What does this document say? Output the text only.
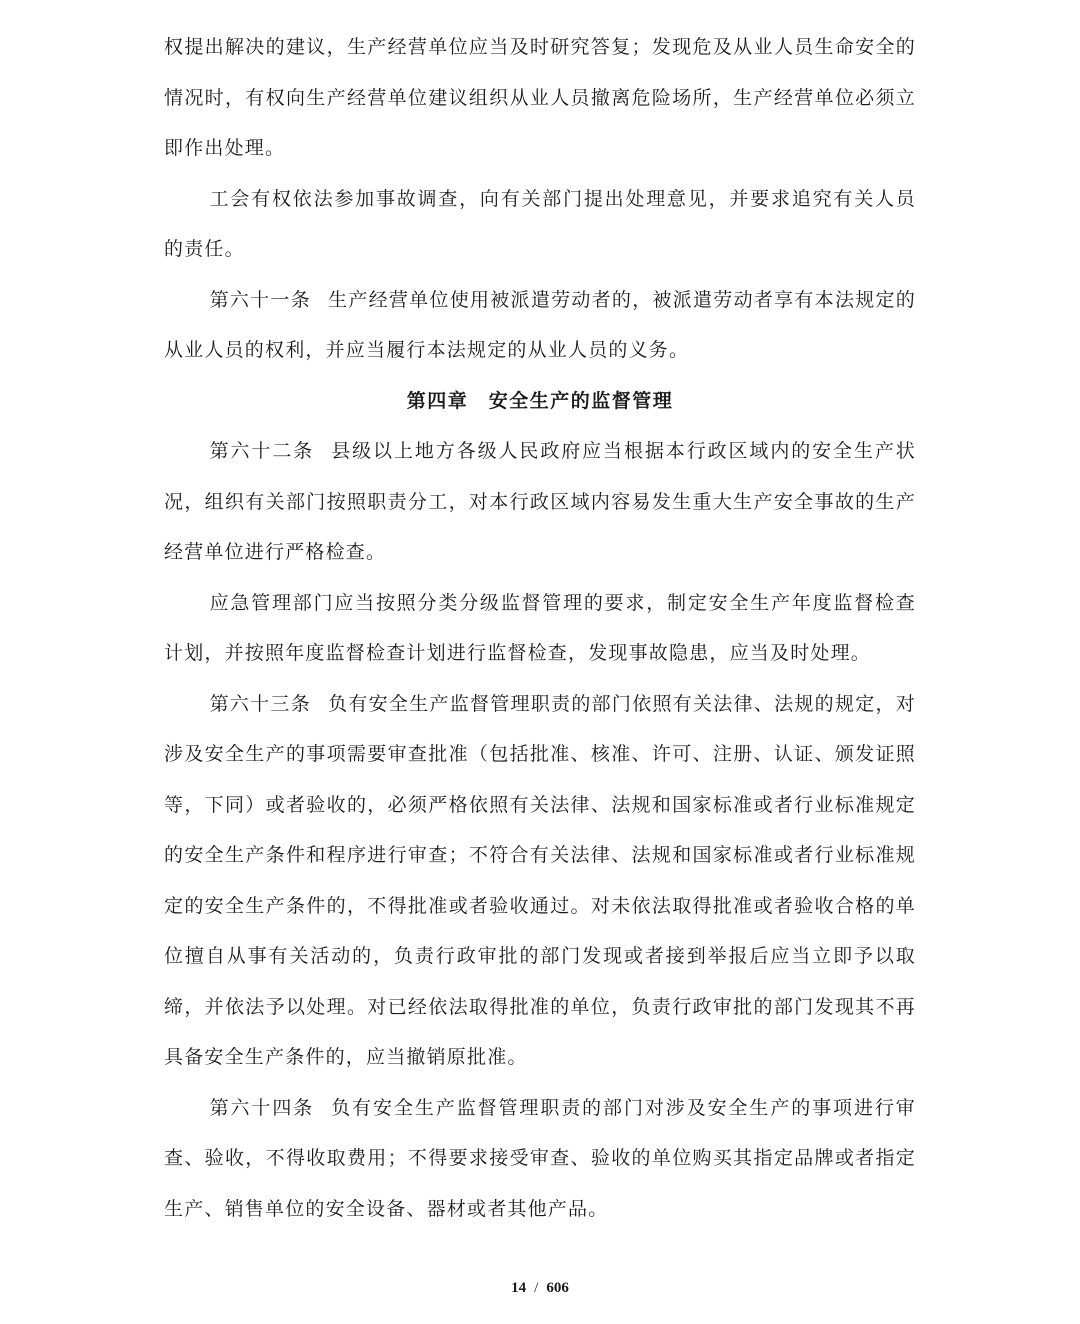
权提出解决的建议，生产经营单位应当及时研究答复；发现危及从业人员生命安全的情况时，有权向生产经营单位建议组织从业人员撤离危险场所，生产经营单位必须立即作出处理。

工会有权依法参加事故调查，向有关部门提出处理意见，并要求追究有关人员的责任。

第六十一条 生产经营单位使用被派遣劳动者的，被派遣劳动者享有本法规定的从业人员的权利，并应当履行本法规定的从业人员的义务。

第四章　安全生产的监督管理

第六十二条 县级以上地方各级人民政府应当根据本行政区域内的安全生产状况，组织有关部门按照职责分工，对本行政区域内容易发生重大生产安全事故的生产经营单位进行严格检查。

应急管理部门应当按照分类分级监督管理的要求，制定安全生产年度监督检查计划，并按照年度监督检查计划进行监督检查，发现事故隐患，应当及时处理。

第六十三条 负有安全生产监督管理职责的部门依照有关法律、法规的规定，对涉及安全生产的事项需要审查批准（包括批准、核准、许可、注册、认证、颁发证照等，下同）或者验收的，必须严格依照有关法律、法规和国家标准或者行业标准规定的安全生产条件和程序进行审查；不符合有关法律、法规和国家标准或者行业标准规定的安全生产条件的，不得批准或者验收通过。对未依法取得批准或者验收合格的单位擅自从事有关活动的，负责行政审批的部门发现或者接到举报后应当立即予以取缔，并依法予以处理。对已经依法取得批准的单位，负责行政审批的部门发现其不再具备安全生产条件的，应当撤销原批准。

第六十四条 负有安全生产监督管理职责的部门对涉及安全生产的事项进行审查、验收，不得收取费用；不得要求接受审查、验收的单位购买其指定品牌或者指定生产、销售单位的安全设备、器材或者其他产品。

14 / 606
